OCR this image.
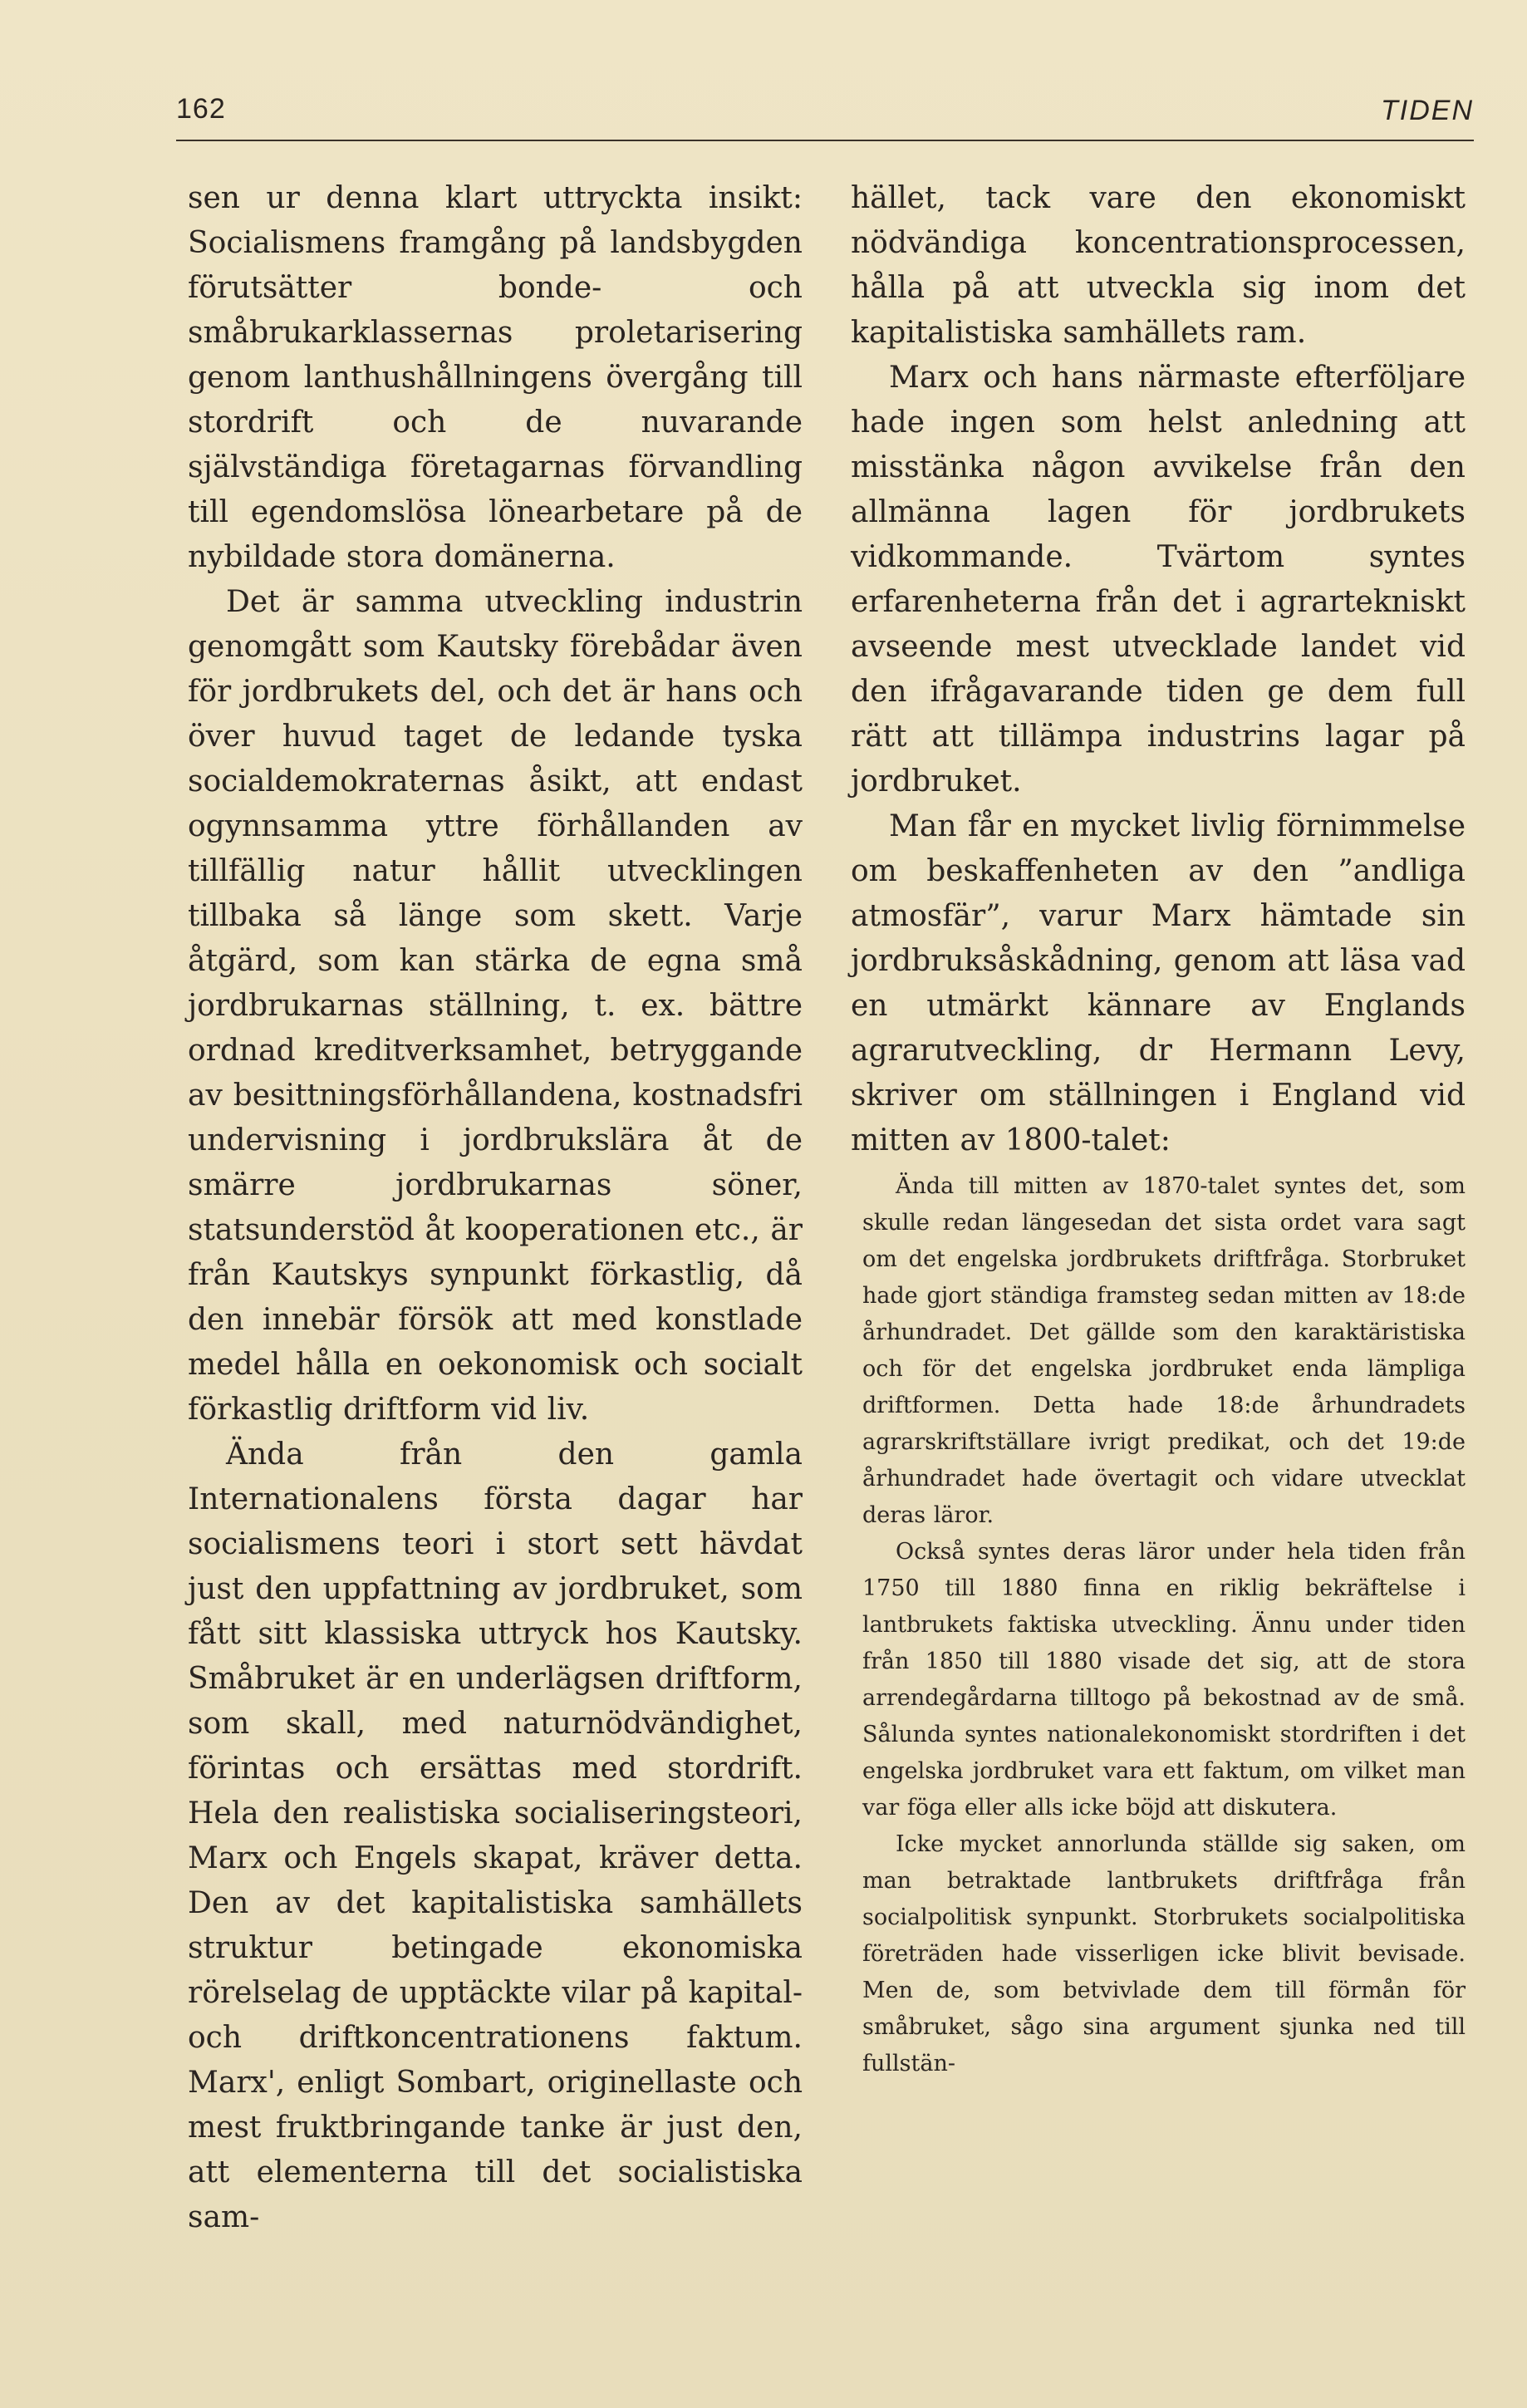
162	TIDEN

sen ur denna klart uttryckta insikt: Socialismens framgång på landsbygden förutsätter bonde- och småbrukarklassernas proletarisering genom lanthushållningens övergång till stordrift och de nuvarande självständiga företagarnas förvandling till egendomslösa lönearbetare på de nybildade stora domänerna.

Det är samma utveckling industrin genomgått som Kautsky förebådar även för jordbrukets del, och det är hans och över huvud taget de ledande tyska socialdemokraternas åsikt, att endast ogynnsamma yttre förhållanden av tillfällig natur hållit utvecklingen tillbaka så länge som skett. Varje åtgärd, som kan stärka de egna små jordbrukarnas ställning, t. ex. bättre ordnad kreditverksamhet, betryggande av besittningsförhållandena, kostnadsfri undervisning i jordbrukslära åt de smärre jordbrukarnas söner, statsunderstöd åt kooperationen etc., är från Kautskys synpunkt förkastlig, då den innebär försök att med konstlade medel hålla en oekonomisk och socialt förkastlig driftform vid liv.

Ända från den gamla Internationalens första dagar har socialismens teori i stort sett hävdat just den uppfattning av jordbruket, som fått sitt klassiska uttryck hos Kautsky. Småbruket är en underlägsen driftform, som skall, med naturnödvändighet, förintas och ersättas med stordrift. Hela den realistiska socialiseringsteori, Marx och Engels skapat, kräver detta. Den av det kapitalistiska samhällets struktur betingade ekonomiska rörelselag de upptäckte vilar på kapital- och driftkoncentrationens faktum. Marx', enligt Sombart, originellaste och mest fruktbringande tanke är just den, att elementerna till det socialistiska sam-

hället, tack vare den ekonomiskt nödvändiga koncentrationsprocessen, hålla på att utveckla sig inom det kapitalistiska samhällets ram.

Marx och hans närmaste efterföljare hade ingen som helst anledning att misstänka någon avvikelse från den allmänna lagen för jordbrukets vidkommande. Tvärtom syntes erfarenheterna från det i agrartekniskt avseende mest utvecklade landet vid den ifrågavarande tiden ge dem full rätt att tillämpa industrins lagar på jordbruket.

Man får en mycket livlig förnimmelse om beskaffenheten av den ”andliga atmosfär”, varur Marx hämtade sin jordbruksåskådning, genom att läsa vad en utmärkt kännare av Englands agrarutveckling, dr Hermann Levy, skriver om ställningen i England vid mitten av 1800-talet:

Ända till mitten av 1870-talet syntes det, som skulle redan längesedan det sista ordet vara sagt om det engelska jordbrukets driftfråga. Storbruket hade gjort ständiga framsteg sedan mitten av 18:de århundradet. Det gällde som den karaktäristiska och för det engelska jordbruket enda lämpliga driftformen. Detta hade 18:de århundradets agrarskriftställare ivrigt predikat, och det 19:de århundradet hade övertagit och vidare utvecklat deras läror.

Också syntes deras läror under hela tiden från 1750 till 1880 finna en riklig bekräftelse i lantbrukets faktiska utveckling. Ännu under tiden från 1850 till 1880 visade det sig, att de stora arrendegårdarna tilltogo på bekostnad av de små. Sålunda syntes nationalekonomiskt stordriften i det engelska jordbruket vara ett faktum, om vilket man var föga eller alls icke böjd att diskutera.

Icke mycket annorlunda ställde sig saken, om man betraktade lantbrukets driftfråga från socialpolitisk synpunkt. Storbrukets socialpolitiska företräden hade visserligen icke blivit bevisade. Men de, som betvivlade dem till förmån för småbruket, sågo sina argument sjunka ned till fullstän-
